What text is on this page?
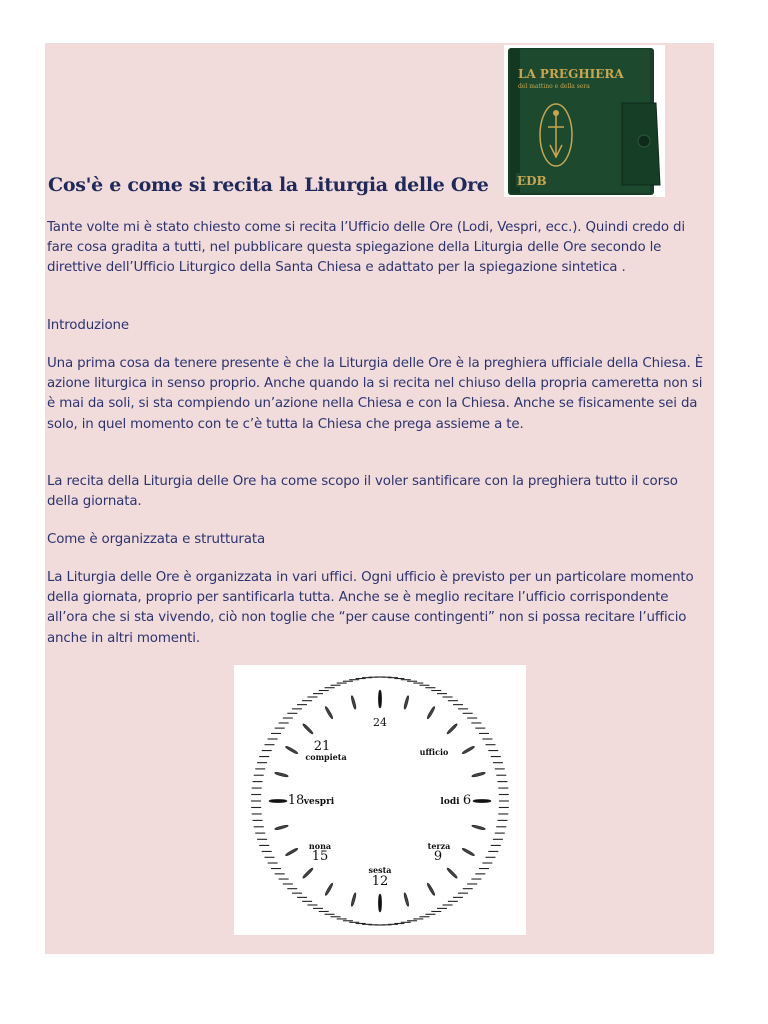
LA PREGHIERA
del mattino e della sera
EDB
Cos'è e come si recita la Liturgia delle Ore

Tante volte mi è stato chiesto come si recita l’Ufficio delle Ore (Lodi, Vespri, ecc.). Quindi credo di fare cosa gradita a tutti, nel pubblicare questa spiegazione della Liturgia delle Ore secondo le direttive dell’Ufficio Liturgico della Santa Chiesa e adattato per la spiegazione sintetica .

Introduzione

Una prima cosa da tenere presente è che la Liturgia delle Ore è la preghiera ufficiale della Chiesa. È azione liturgica in senso proprio. Anche quando la si recita nel chiuso della propria cameretta non si è mai da soli, si sta compiendo un’azione nella Chiesa e con la Chiesa. Anche se fisicamente sei da solo, in quel momento con te c’è tutta la Chiesa che prega assieme a te.

La recita della Liturgia delle Ore ha come scopo il voler santificare con la preghiera tutto il corso della giornata.

Come è organizzata e strutturata

La Liturgia delle Ore è organizzata in vari uffici. Ogni ufficio è previsto per un particolare momento della giornata, proprio per santificarla tutta. Anche se è meglio recitare l’ufficio corrispondente all’ora che si sta vivendo, ciò non toglie che “per cause contingenti” non si possa recitare l’ufficio anche in altri momenti.

24
21
compieta	ufficio
18 vespri	lodi 6
nona
15
terza
9
sesta
12
